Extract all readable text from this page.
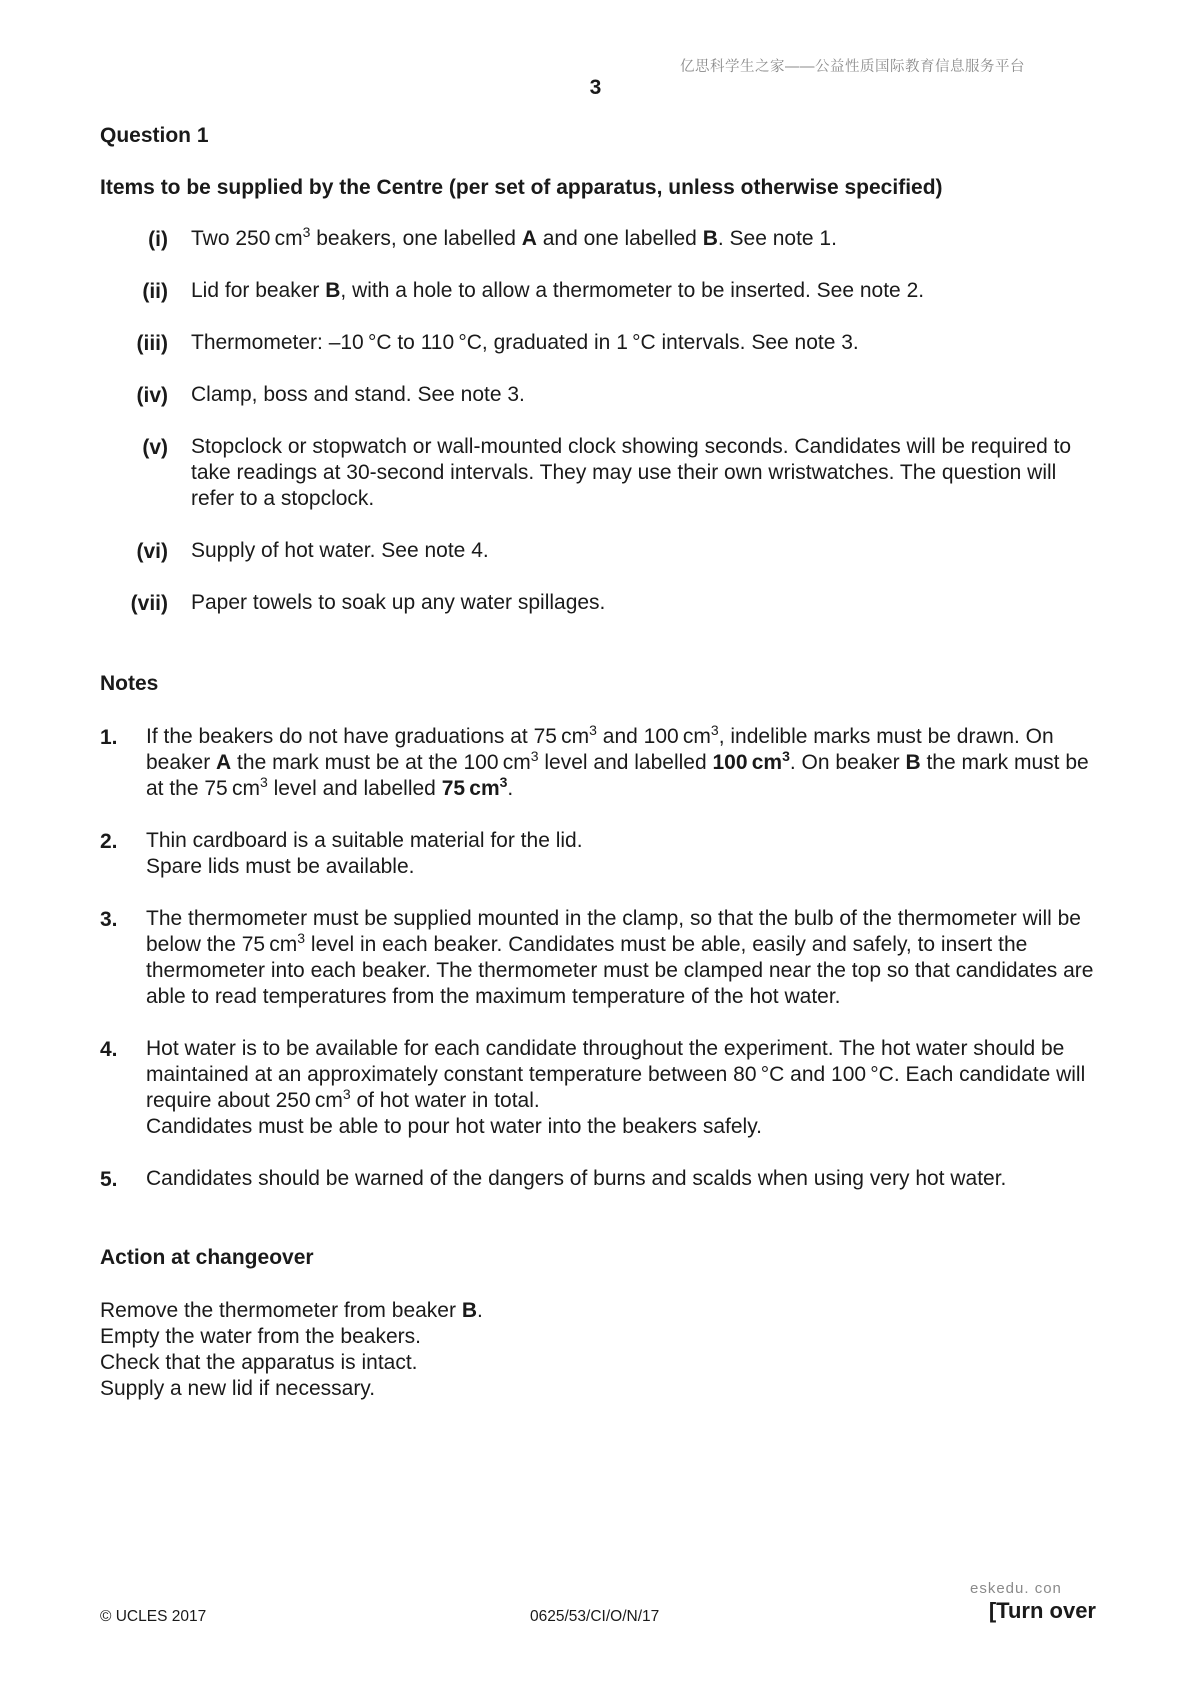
亿思科学生之家——公益性质国际教育信息服务平台
3
Question 1
Items to be supplied by the Centre (per set of apparatus, unless otherwise specified)
(i) Two 250 $cm^3$ beakers, one labelled A and one labelled B. See note 1.
(ii) Lid for beaker B, with a hole to allow a thermometer to be inserted. See note 2.
(iii) Thermometer: –10 °C to 110 °C, graduated in 1 °C intervals. See note 3.
(iv) Clamp, boss and stand. See note 3.
(v) Stopclock or stopwatch or wall-mounted clock showing seconds. Candidates will be required to take readings at 30-second intervals. They may use their own wristwatches. The question will refer to a stopclock.
(vi) Supply of hot water. See note 4.
(vii) Paper towels to soak up any water spillages.
Notes
1. If the beakers do not have graduations at 75 $cm^3$ and 100 $cm^3$, indelible marks must be drawn. On beaker A the mark must be at the 100 $cm^3$ level and labelled 100 $cm^3$. On beaker B the mark must be at the 75 $cm^3$ level and labelled 75 $cm^3$.
2. Thin cardboard is a suitable material for the lid.
Spare lids must be available.
3. The thermometer must be supplied mounted in the clamp, so that the bulb of the thermometer will be below the 75 $cm^3$ level in each beaker. Candidates must be able, easily and safely, to insert the thermometer into each beaker. The thermometer must be clamped near the top so that candidates are able to read temperatures from the maximum temperature of the hot water.
4. Hot water is to be available for each candidate throughout the experiment. The hot water should be maintained at an approximately constant temperature between 80 °C and 100 °C. Each candidate will require about 250 $cm^3$ of hot water in total.
Candidates must be able to pour hot water into the beakers safely.
5. Candidates should be warned of the dangers of burns and scalds when using very hot water.
Action at changeover
Remove the thermometer from beaker B.
Empty the water from the beakers.
Check that the apparatus is intact.
Supply a new lid if necessary.
© UCLES 2017	0625/53/CI/O/N/17
eskedu. con
[Turn over
